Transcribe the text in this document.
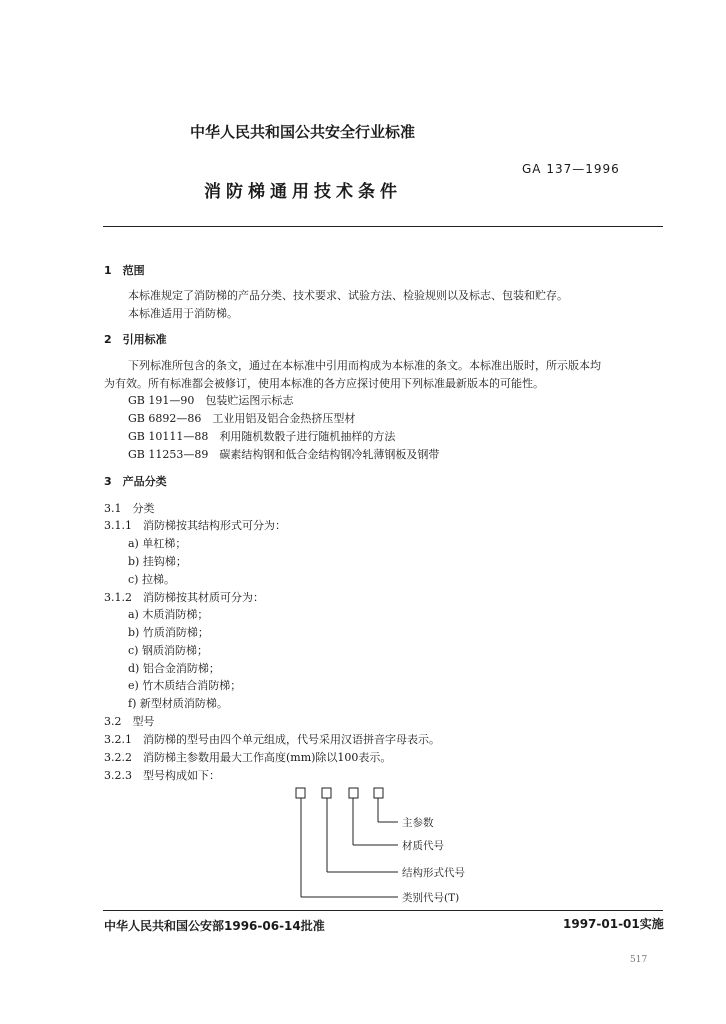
中华人民共和国公共安全行业标准
GA 137—1996
消防梯通用技术条件
1　范围
本标准规定了消防梯的产品分类、技术要求、试验方法、检验规则以及标志、包装和贮存。
本标准适用于消防梯。
2　引用标准
下列标准所包含的条文，通过在本标准中引用而构成为本标准的条文。本标准出版时，所示版本均
为有效。所有标准都会被修订，使用本标准的各方应探讨使用下列标准最新版本的可能性。
GB 191—90　包装贮运图示标志
GB 6892—86　工业用铝及铝合金热挤压型材
GB 10111—88　利用随机数骰子进行随机抽样的方法
GB 11253—89　碳素结构钢和低合金结构钢冷轧薄钢板及钢带
3　产品分类
3.1　分类
3.1.1　消防梯按其结构形式可分为：
a) 单杠梯；
b) 挂钩梯；
c) 拉梯。
3.1.2　消防梯按其材质可分为：
a) 木质消防梯；
b) 竹质消防梯；
c) 钢质消防梯；
d) 铝合金消防梯；
e) 竹木质结合消防梯；
f) 新型材质消防梯。
3.2　型号
3.2.1　消防梯的型号由四个单元组成，代号采用汉语拼音字母表示。
3.2.2　消防梯主参数用最大工作高度(mm)除以100表示。
3.2.3　型号构成如下：
主参数
材质代号
结构形式代号
类别代号(T)
中华人民共和国公安部1996-06-14批准	1997-01-01实施
517
